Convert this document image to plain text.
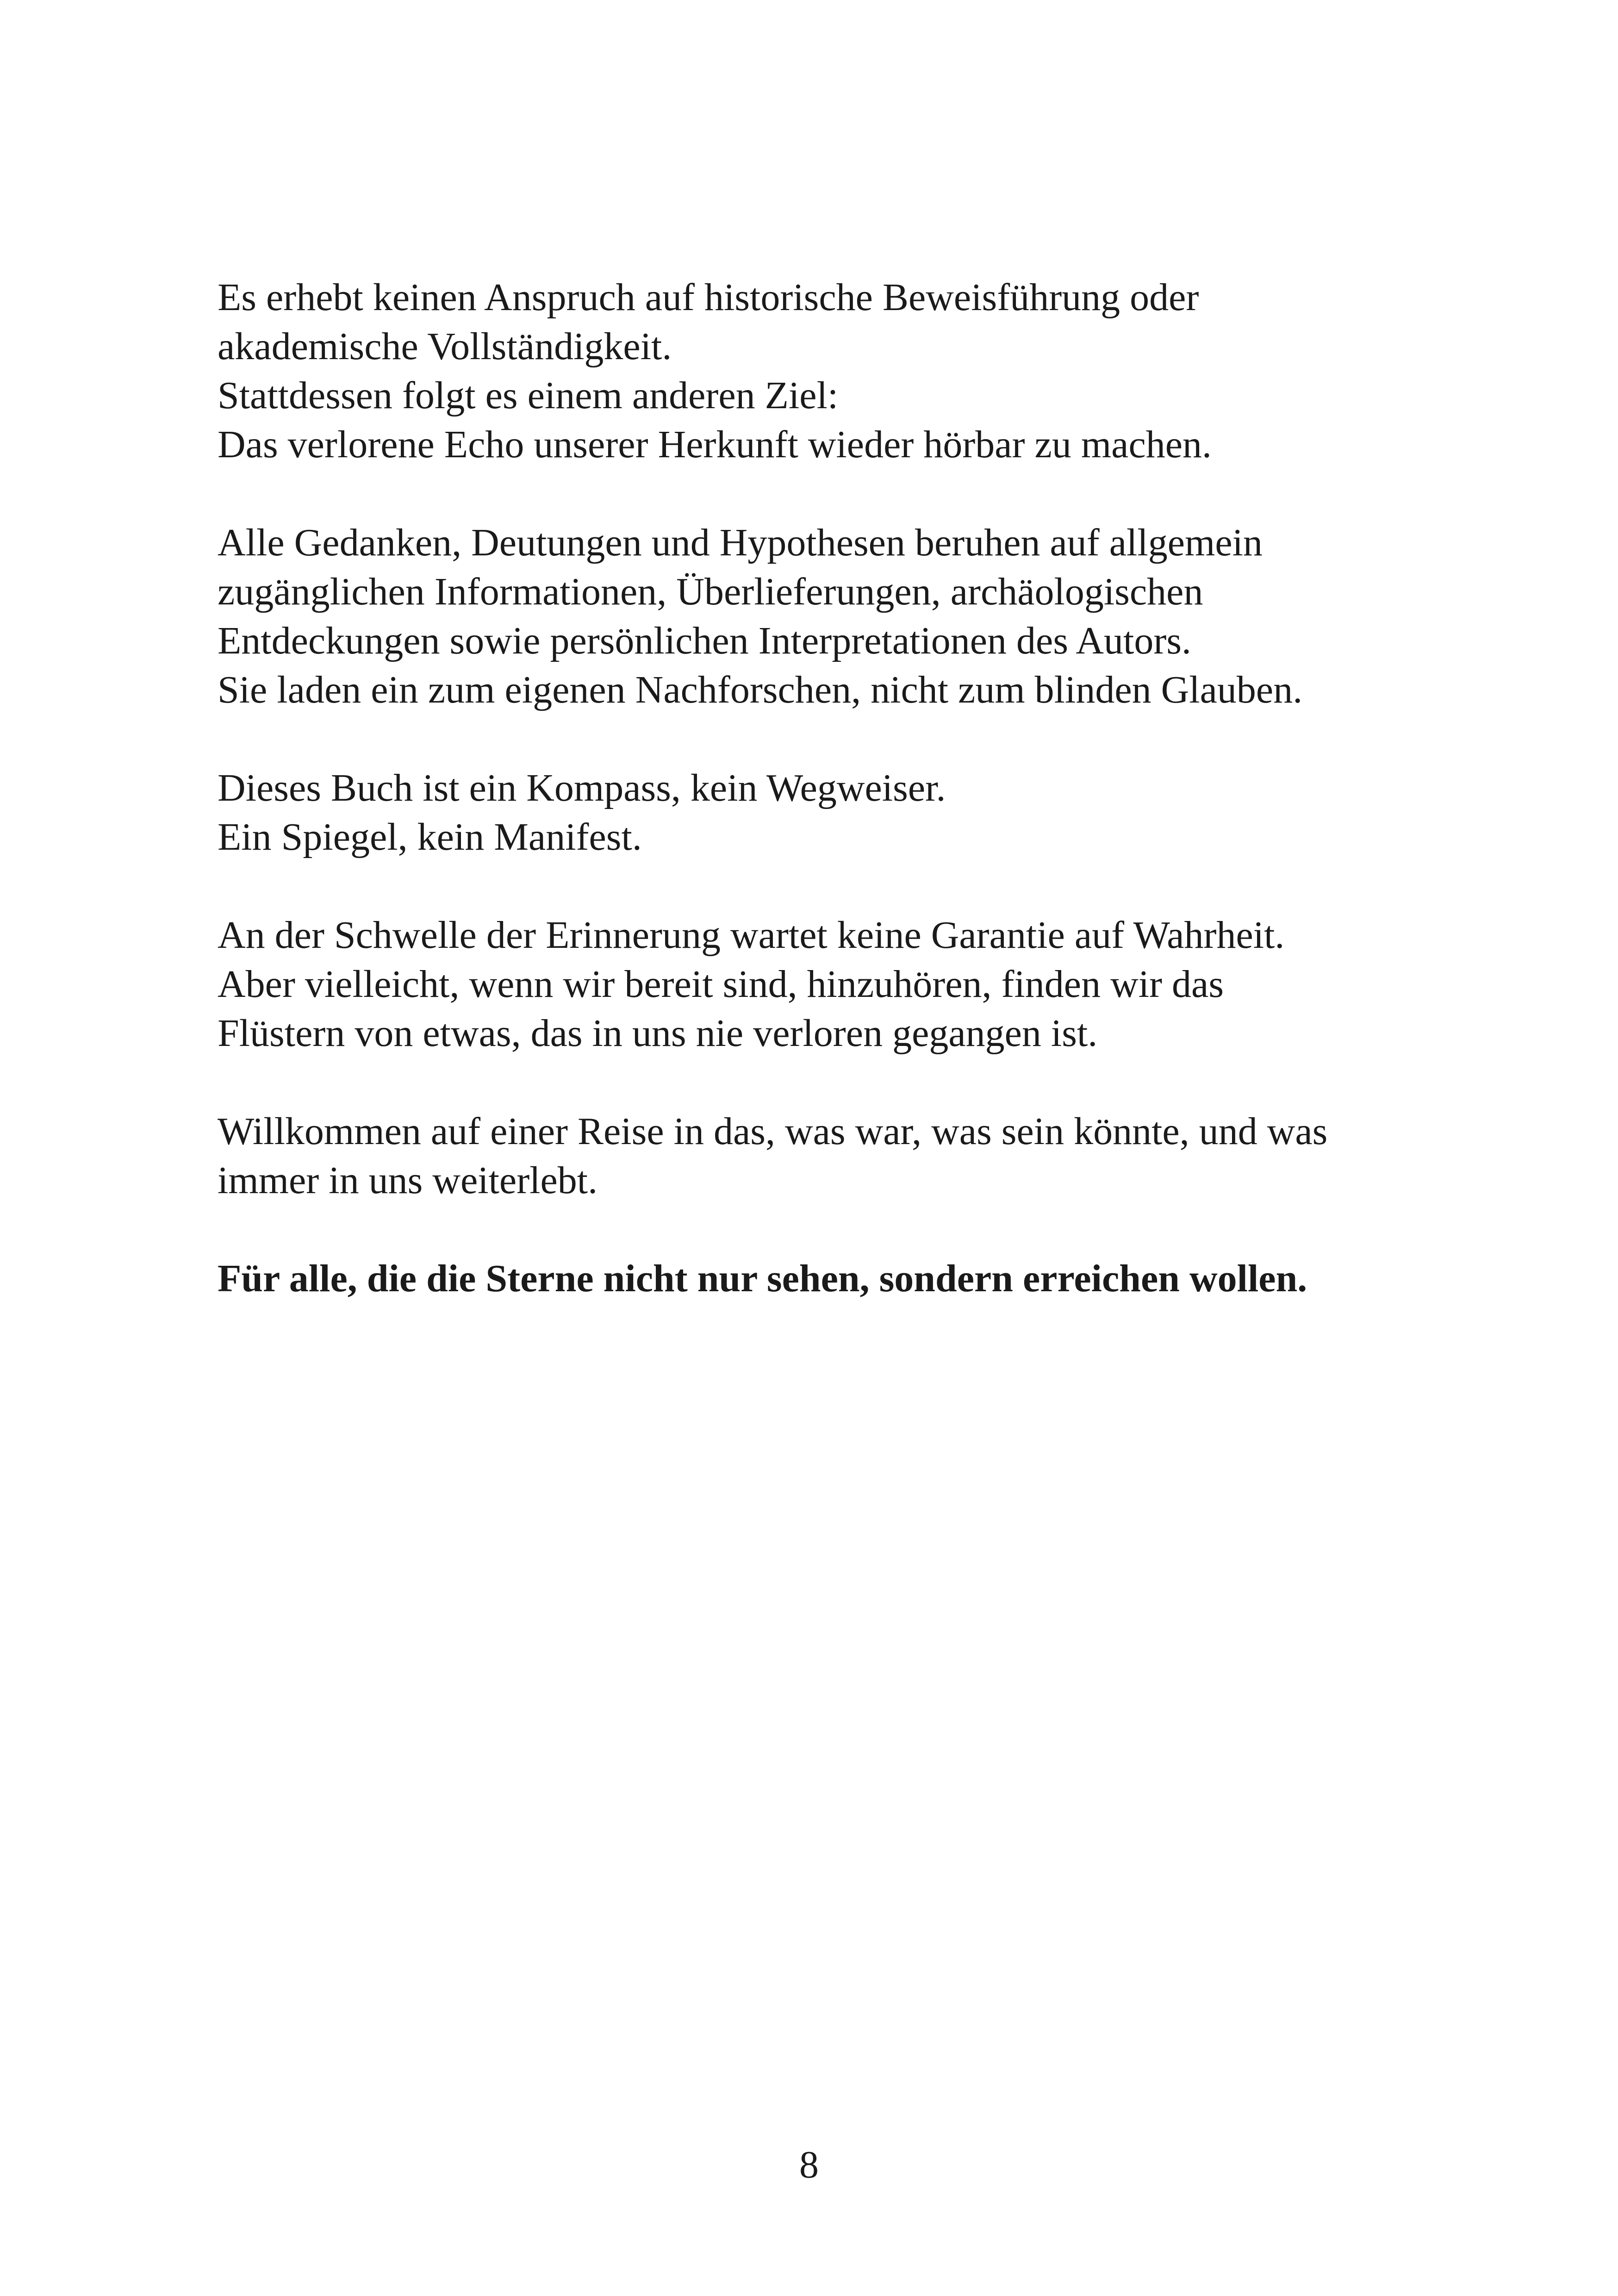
Es erhebt keinen Anspruch auf historische Beweisführung oder
akademische Vollständigkeit.
Stattdessen folgt es einem anderen Ziel:
Das verlorene Echo unserer Herkunft wieder hörbar zu machen.
Alle Gedanken, Deutungen und Hypothesen beruhen auf allgemein
zugänglichen Informationen, Überlieferungen, archäologischen
Entdeckungen sowie persönlichen Interpretationen des Autors.
Sie laden ein zum eigenen Nachforschen, nicht zum blinden Glauben.
Dieses Buch ist ein Kompass, kein Wegweiser.
Ein Spiegel, kein Manifest.
An der Schwelle der Erinnerung wartet keine Garantie auf Wahrheit.
Aber vielleicht, wenn wir bereit sind, hinzuhören, finden wir das
Flüstern von etwas, das in uns nie verloren gegangen ist.
Willkommen auf einer Reise in das, was war, was sein könnte, und was
immer in uns weiterlebt.
Für alle, die die Sterne nicht nur sehen, sondern erreichen wollen.
8
